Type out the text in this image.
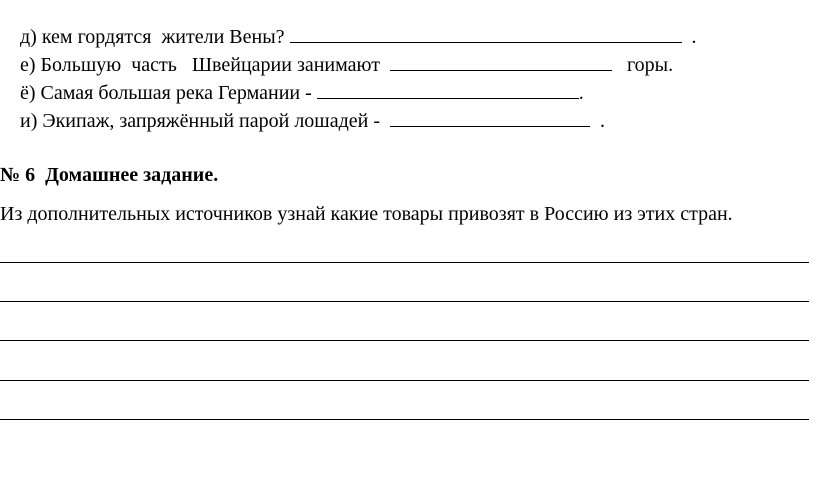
д) кем гордятся  жители Вены?	.

е) Большую  часть   Швейцарии занимают	горы.

ё) Самая большая река Германии -	.

и) Экипаж, запряжённый парой лошадей -	.

№ 6  Домашнее задание.
Из дополнительных источников узнай какие товары привозят в Россию из этих стран.
